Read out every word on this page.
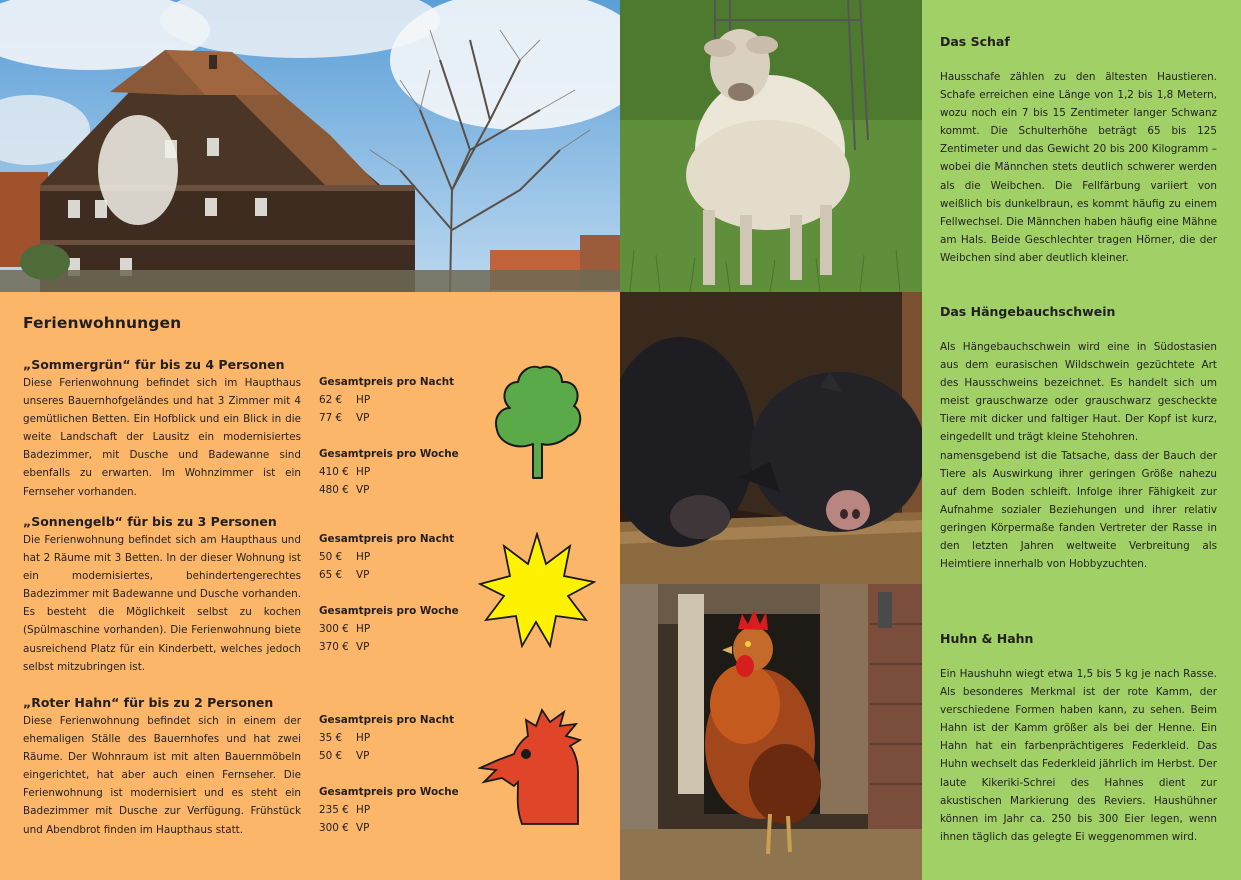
Ferienwohnungen
„Sommergrün“ für bis zu 4 Personen

Diese Ferienwohnung befindet sich im Haupthaus unseres Bauernhofgeländes und hat 3 Zimmer mit 4 gemütlichen Betten. Ein Hofblick und ein Blick in die weite Landschaft der Lausitz ein modernisiertes Badezimmer, mit Dusche und Badewanne sind ebenfalls zu erwarten. Im Wohnzimmer ist ein Fernseher vorhanden.

Gesamtpreis pro Nacht
62 € HP
77 € VP
Gesamtpreis pro Woche
410 € HP
480 € VP
„Sonnengelb“ für bis zu 3 Personen

Die Ferienwohnung befindet sich am Haupthaus und hat 2 Räume mit 3 Betten. In der dieser Wohnung ist ein modernisiertes, behindertengerechtes Badezimmer mit Badewanne und Dusche vorhanden. Es besteht die Möglichkeit selbst zu kochen (Spülmaschine vorhanden). Die Ferienwohnung biete ausreichend Platz für ein Kinderbett, welches jedoch selbst mitzubringen ist.

Gesamtpreis pro Nacht
50 € HP
65 € VP
Gesamtpreis pro Woche
300 € HP
370 € VP
„Roter Hahn“ für bis zu 2 Personen

Diese Ferienwohnung befindet sich in einem der ehemaligen Ställe des Bauernhofes und hat zwei Räume. Der Wohnraum ist mit alten Bauernmöbeln eingerichtet, hat aber auch einen Fernseher. Die Ferienwohnung ist modernisiert und es steht ein Badezimmer mit Dusche zur Verfügung. Frühstück und Abendbrot finden im Haupthaus statt.

Gesamtpreis pro Nacht
35 € HP
50 € VP
Gesamtpreis pro Woche
235 € HP
300 € VP
Das Schaf

Hausschafe zählen zu den ältesten Haustieren. Schafe erreichen eine Länge von 1,2 bis 1,8 Metern, wozu noch ein 7 bis 15 Zentimeter langer Schwanz kommt. Die Schulterhöhe beträgt 65 bis 125 Zentimeter und das Gewicht 20 bis 200 Kilogramm – wobei die Männchen stets deutlich schwerer werden als die Weibchen. Die Fellfärbung variiert von weißlich bis dunkelbraun, es kommt häufig zu einem Fellwechsel. Die Männchen haben häufig eine Mähne am Hals. Beide Geschlechter tragen Hörner, die der Weibchen sind aber deutlich kleiner.

Das Hängebauchschwein

Als Hängebauchschwein wird eine in Südostasien aus dem eurasischen Wildschwein gezüchtete Art des Hausschweins bezeichnet. Es handelt sich um meist grauschwarze oder grauschwarz gescheckte Tiere mit dicker und faltiger Haut. Der Kopf ist kurz, eingedellt und trägt kleine Stehohren.

namensgebend ist die Tatsache, dass der Bauch der Tiere als Auswirkung ihrer geringen Größe nahezu auf dem Boden schleift. Infolge ihrer Fähigkeit zur Aufnahme sozialer Beziehungen und ihrer relativ geringen Körpermaße fanden Vertreter der Rasse in den letzten Jahren weltweite Verbreitung als Heimtiere innerhalb von Hobbyzuchten.

Huhn & Hahn

Ein Haushuhn wiegt etwa 1,5 bis 5 kg je nach Rasse. Als besonderes Merkmal ist der rote Kamm, der verschiedene Formen haben kann, zu sehen. Beim Hahn ist der Kamm größer als bei der Henne. Ein Hahn hat ein farbenprächtigeres Federkleid. Das Huhn wechselt das Federkleid jährlich im Herbst. Der laute Kikeriki-Schrei des Hahnes dient zur akustischen Markierung des Reviers. Haushühner können im Jahr ca. 250 bis 300 Eier legen, wenn ihnen täglich das gelegte Ei weggenommen wird.
